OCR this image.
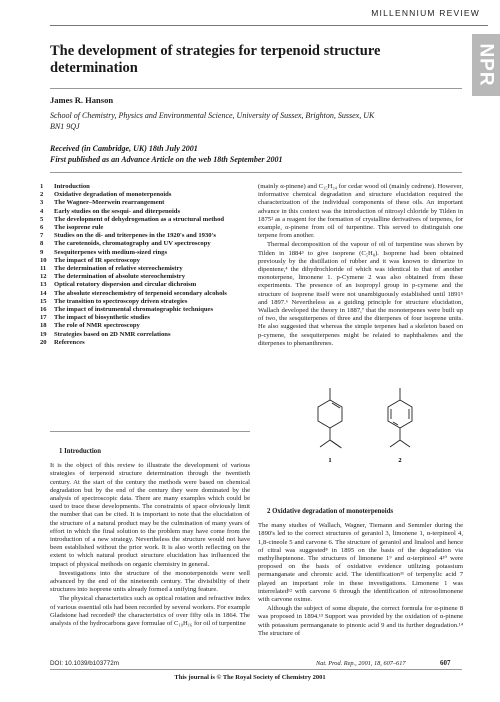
MILLENNIUM REVIEW
NPR
The development of strategies for terpenoid structure determination
James R. Hanson
School of Chemistry, Physics and Environmental Science, University of Sussex, Brighton, Sussex, UK BN1 9QJ
Received (in Cambridge, UK) 18th July 2001
First published as an Advance Article on the web 18th September 2001
1	Introduction
2	Oxidative degradation of monoterpenoids
3	The Wagner–Meerwein rearrangement
4	Early studies on the sesqui- and diterpenoids
5	The development of dehydrogenation as a structural method
6	The isoprene rule
7	Studies on the di- and triterpenes in the 1920's and 1930's
8	The carotenoids, chromatography and UV spectroscopy
9	Sesquiterpenes with medium-sized rings
10	The impact of IR spectroscopy
11	The determination of relative stereochemistry
12	The determination of absolute stereochemistry
13	Optical rotatory dispersion and circular dichroism
14	The absolute stereochemistry of terpenoid secondary alcohols
15	The transition to spectroscopy driven strategies
16	The impact of instrumental chromatographic techniques
17	The impact of biosynthetic studies
18	The role of NMR spectroscopy
19	Strategies based on 2D NMR correlations
20	References

1 Introduction

It is the object of this review to illustrate the development of various strategies of terpenoid structure determination through the twentieth century. At the start of the century the methods were based on chemical degradation but by the end of the century they were dominated by the analysis of spectroscopic data. There are many examples which could be used to trace these developments. The constraints of space obviously limit the number that can be cited. It is important to note that the elucidation of the structure of a natural product may be the culmination of many years of effort in which the final solution to the problem may have come from the introduction of a new strategy. Nevertheless the structure would not have been established without the prior work. It is also worth reflecting on the extent to which natural product structure elucidation has influenced the impact of physical methods on organic chemistry in general.

Investigations into the structure of the monoterpenoids were well advanced by the end of the nineteenth century. The divisibility of their structures into isoprene units already formed a unifying feature.

The physical characteristics such as optical rotation and refractive index of various essential oils had been recorded by several workers. For example Gladstone had recorded¹ the characteristics of over fifty oils in 1864. The analysis of the hydrocarbons gave formulae of C₁₀H₁₆ for oil of turpentine

(mainly α-pinene) and C₁₅H₂₄ for cedar wood oil (mainly cedrene). However, informative chemical degradation and structure elucidation required the characterization of the individual components of these oils. An important advance in this context was the introduction of nitrosyl chloride by Tilden in 1875² as a reagent for the formation of crystalline derivatives of terpenes, for example, α-pinene from oil of turpentine. This served to distinguish one terpene from another.

Thermal decomposition of the vapour of oil of turpentine was shown by Tilden in 1884³ to give isoprene (C₅H₈). Isoprene had been obtained previously by the distillation of rubber and it was known to dimerize to dipentene,⁴ the dihydrochloride of which was identical to that of another monoterpene, limonene 1. p-Cymene 2 was also obtained from these experiments. The presence of an isopropyl group in p-cymene and the structure of isoprene itself were not unambiguously established until 1891⁵ and 1897.⁶ Nevertheless as a guiding principle for structure elucidation, Wallach developed the theory in 1887,⁷ that the monoterpenes were built up of two, the sesquiterpenes of three and the diterpenes of four isoprene units. He also suggested that whereas the simple terpenes had a skeleton based on p-cymene, the sesquiterpenes might be related to naphthalenes and the diterpenes to phenanthrenes.

1	2

2 Oxidative degradation of monoterpenoids

The many studies of Wallach, Wagner, Tiemann and Semmler during the 1890's led to the correct structures of geraniol 3, limonene 1, α-terpineol 4, 1,8-cineole 5 and carvone 6. The structure of geraniol and linalool and hence of citral was suggested⁸ in 1895 on the basis of the degradation via methylheptenone. The structures of limonene 1⁹ and α-terpineol 4¹⁰ were proposed on the basis of oxidative evidence utilizing potassium permanganate and chromic acid. The identification¹¹ of terpenylic acid 7 played an important role in these investigations. Limonene 1 was interrelated¹² with carvone 6 through the identification of nitrosolimonene with carvone oxime.

Although the subject of some dispute, the correct formula for α-pinene 8 was proposed in 1894.¹³ Support was provided by the oxidation of α-pinene with potassium permanganate to pinonic acid 9 and its further degradation.¹⁴ The structure of

DOI: 10.1039/b103772m	Nat. Prod. Rep., 2001, 18, 607–617	607
This journal is © The Royal Society of Chemistry 2001
